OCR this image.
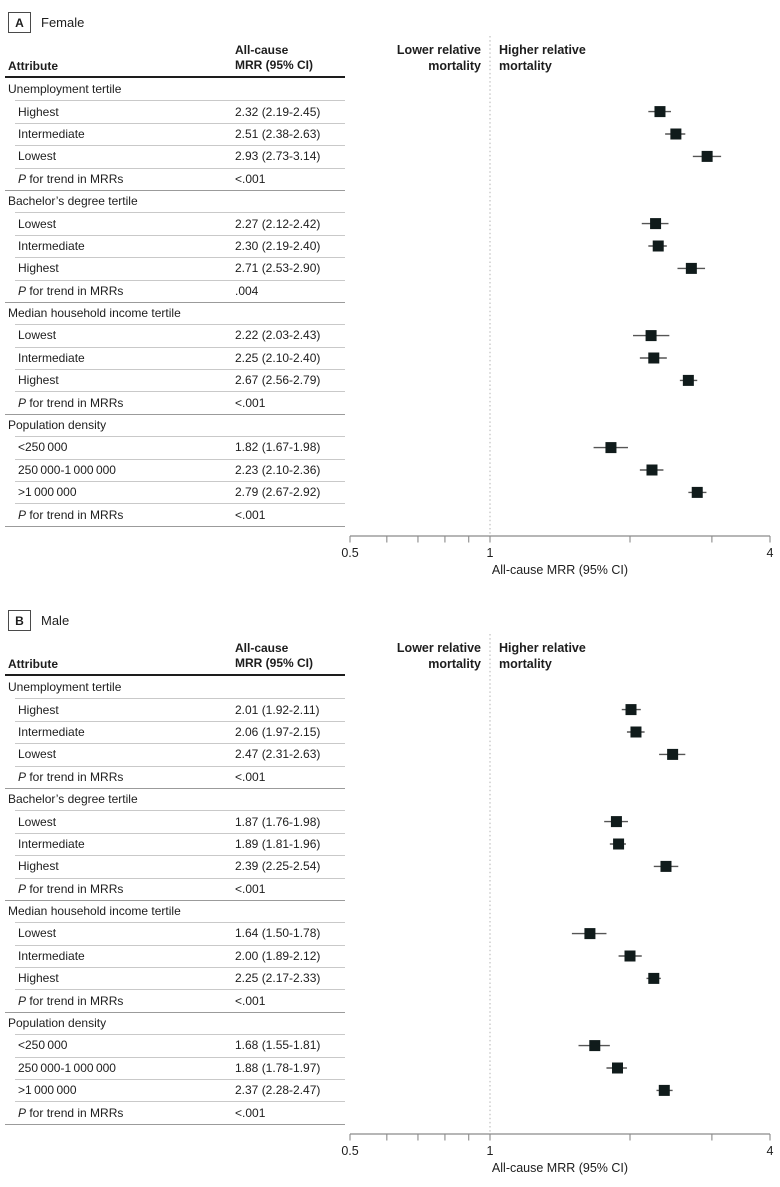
A	Female
Attribute
All-cause
MRR (95% CI)
Unemployment tertile
Highest	2.32 (2.19-2.45)
Intermediate	2.51 (2.38-2.63)
Lowest	2.93 (2.73-3.14)
P for trend in MRRs	<.001
Bachelor’s degree tertile
Lowest	2.27 (2.12-2.42)
Intermediate	2.30 (2.19-2.40)
Highest	2.71 (2.53-2.90)
P for trend in MRRs	.004
Median household income tertile
Lowest	2.22 (2.03-2.43)
Intermediate	2.25 (2.10-2.40)
Highest	2.67 (2.56-2.79)
P for trend in MRRs	<.001
Population density
<250 000	1.82 (1.67-1.98)
250 000-1 000 000	2.23 (2.10-2.36)
>1 000 000	2.79 (2.67-2.92)
P for trend in MRRs	<.001
Lower relative
mortality
Higher relative
mortality
0.5	1	4
All-cause MRR (95% CI)
B	Male
Attribute
All-cause
MRR (95% CI)
Unemployment tertile
Highest	2.01 (1.92-2.11)
Intermediate	2.06 (1.97-2.15)
Lowest	2.47 (2.31-2.63)
P for trend in MRRs	<.001
Bachelor’s degree tertile
Lowest	1.87 (1.76-1.98)
Intermediate	1.89 (1.81-1.96)
Highest	2.39 (2.25-2.54)
P for trend in MRRs	<.001
Median household income tertile
Lowest	1.64 (1.50-1.78)
Intermediate	2.00 (1.89-2.12)
Highest	2.25 (2.17-2.33)
P for trend in MRRs	<.001
Population density
<250 000	1.68 (1.55-1.81)
250 000-1 000 000	1.88 (1.78-1.97)
>1 000 000	2.37 (2.28-2.47)
P for trend in MRRs	<.001
Lower relative
mortality
Higher relative
mortality
0.5	1	4
All-cause MRR (95% CI)
